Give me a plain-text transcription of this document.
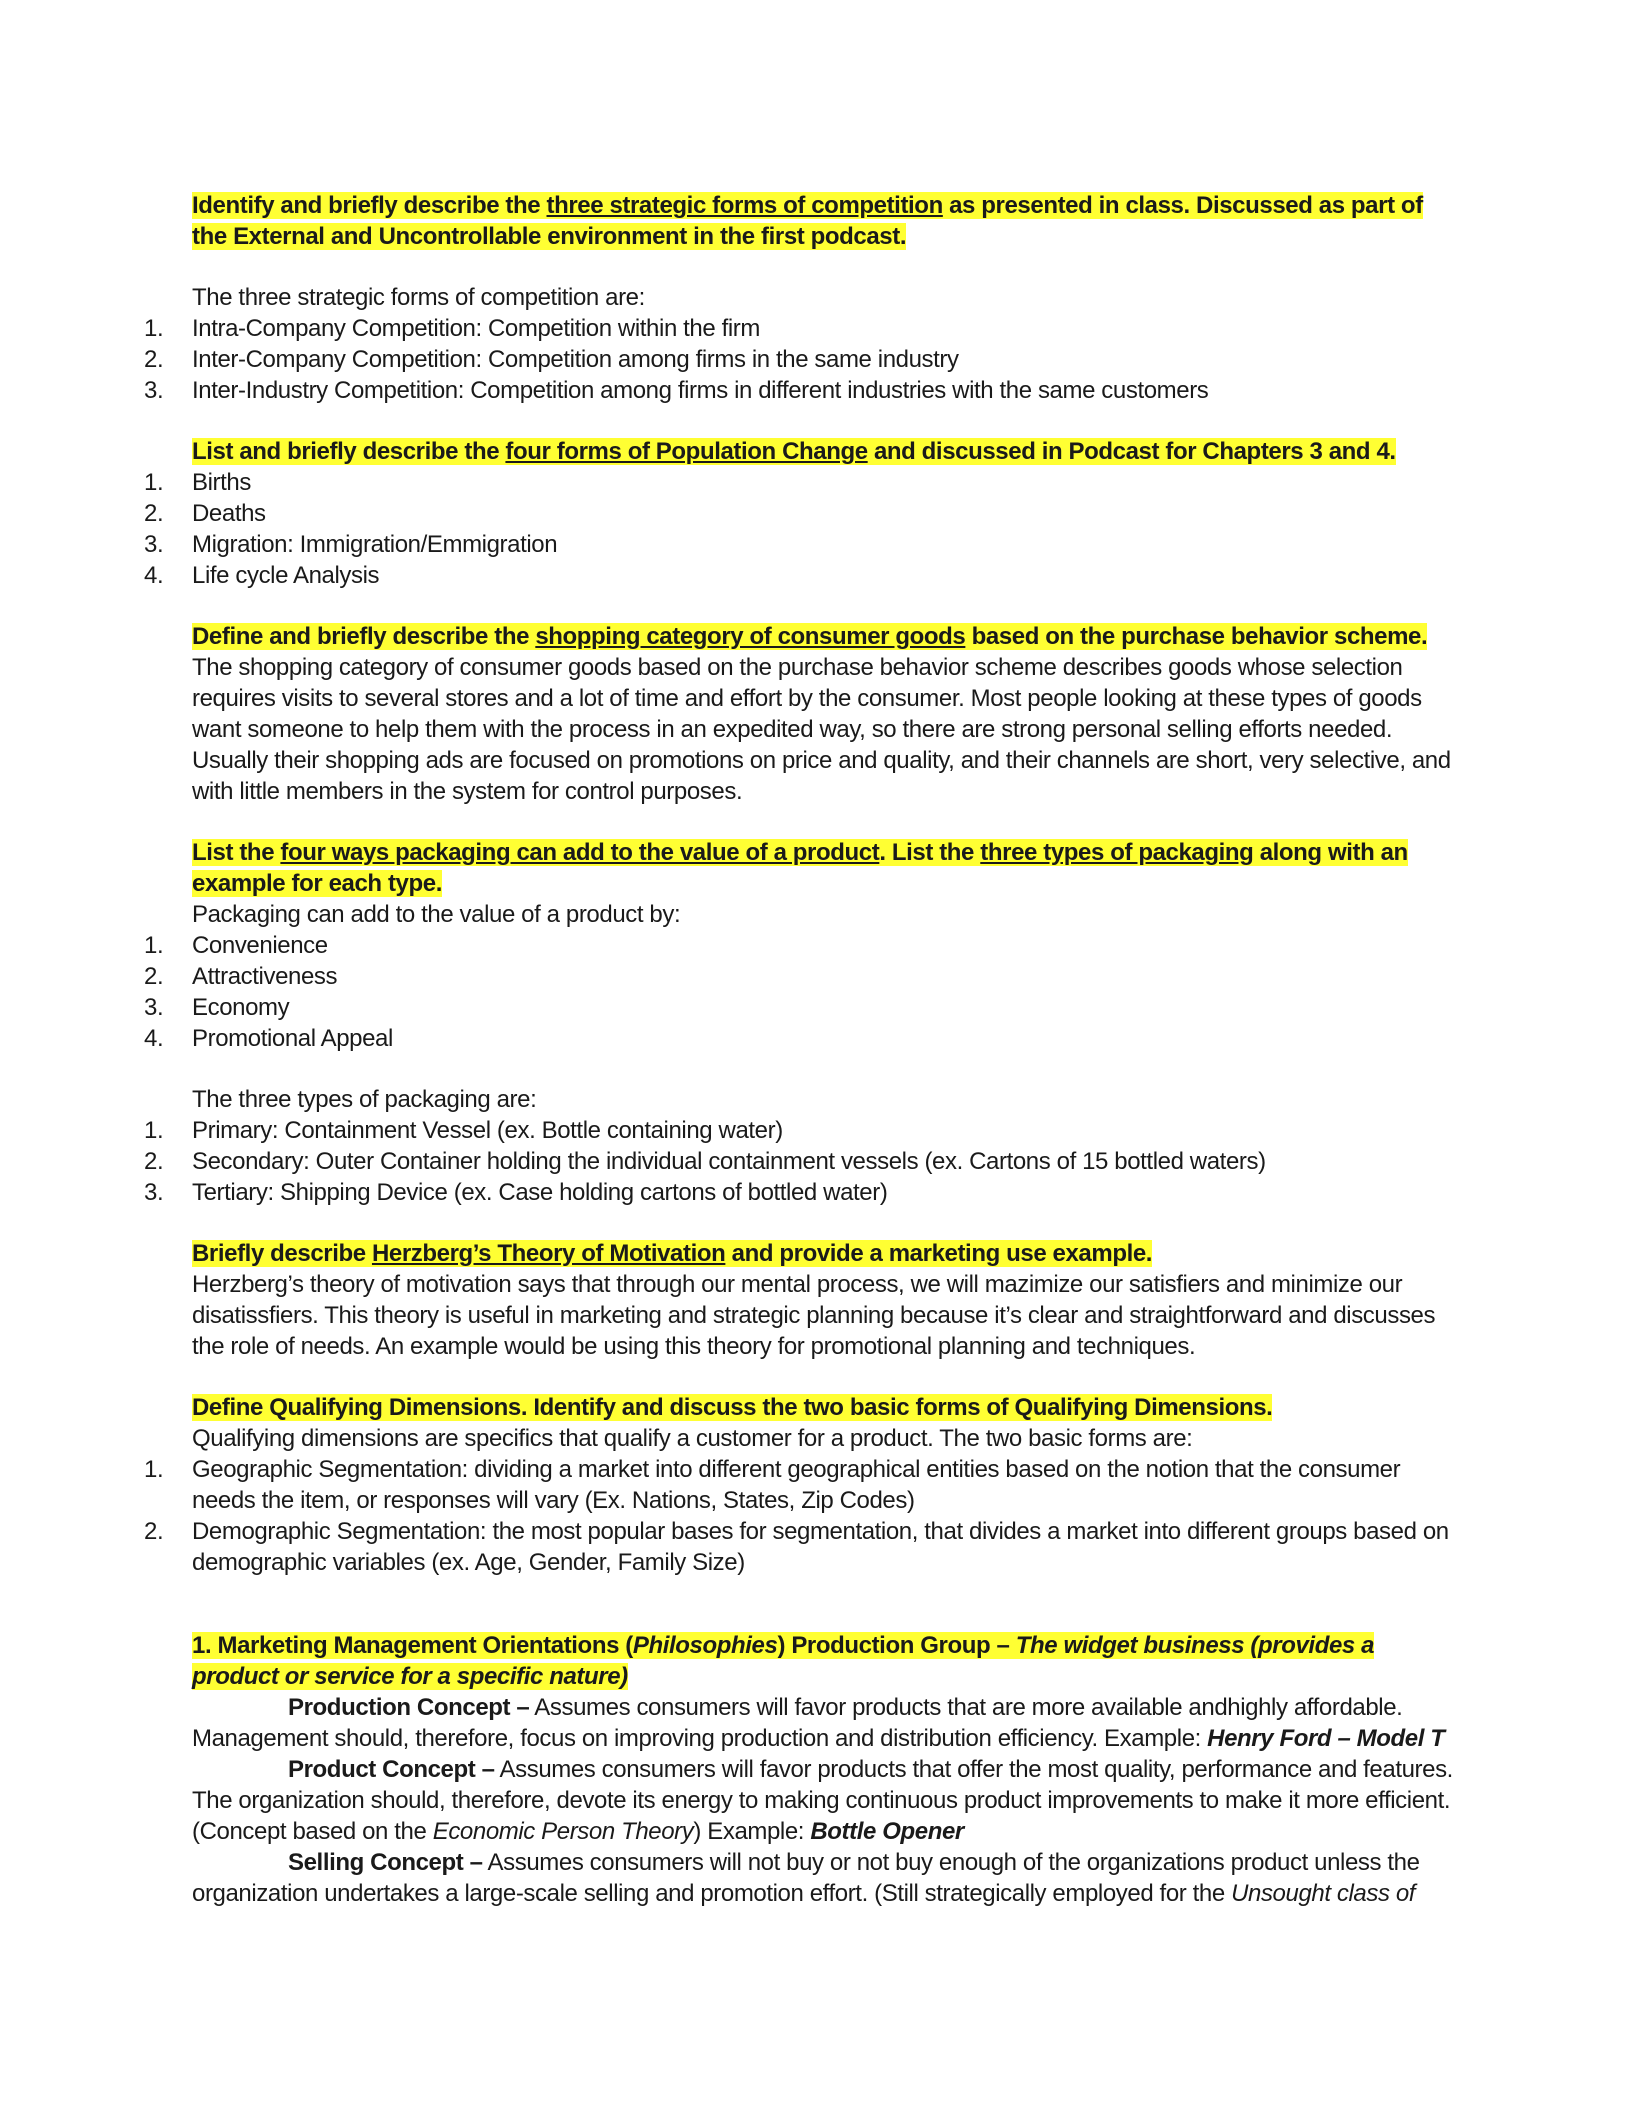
Identify and briefly describe the three strategic forms of competition as presented in class. Discussed as part of the External and Uncontrollable environment in the first podcast.

The three strategic forms of competition are:

1.	Intra-Company Competition: Competition within the firm
2.	Inter-Company Competition: Competition among firms in the same industry
3.	Inter-Industry Competition: Competition among firms in different industries with the same customers

List and briefly describe the four forms of Population Change and discussed in Podcast for Chapters 3 and 4.

1.	Births
2.	Deaths
3.	Migration: Immigration/Emmigration
4.	Life cycle Analysis

Define and briefly describe the shopping category of consumer goods based on the purchase behavior scheme.

The shopping category of consumer goods based on the purchase behavior scheme describes goods whose selection requires visits to several stores and a lot of time and effort by the consumer. Most people looking at these types of goods want someone to help them with the process in an expedited way, so there are strong personal selling efforts needed. Usually their shopping ads are focused on promotions on price and quality, and their channels are short, very selective, and with little members in the system for control purposes.

List the four ways packaging can add to the value of a product. List the three types of packaging along with an example for each type.

Packaging can add to the value of a product by:

1.	Convenience
2.	Attractiveness
3.	Economy
4.	Promotional Appeal

The three types of packaging are:

1.	Primary: Containment Vessel (ex. Bottle containing water)
2.	Secondary: Outer Container holding the individual containment vessels (ex. Cartons of 15 bottled waters)
3.	Tertiary: Shipping Device (ex. Case holding cartons of bottled water)

Briefly describe Herzberg’s Theory of Motivation and provide a marketing use example.

Herzberg’s theory of motivation says that through our mental process, we will mazimize our satisfiers and minimize our disatissfiers. This theory is useful in marketing and strategic planning because it’s clear and straightforward and discusses the role of needs. An example would be using this theory for promotional planning and techniques.

Define Qualifying Dimensions. Identify and discuss the two basic forms of Qualifying Dimensions.

Qualifying dimensions are specifics that qualify a customer for a product. The two basic forms are:

1.	Geographic Segmentation: dividing a market into different geographical entities based on the notion that the consumer needs the item, or responses will vary (Ex. Nations, States, Zip Codes)
2.	Demographic Segmentation: the most popular bases for segmentation, that divides a market into different groups based on demographic variables (ex. Age, Gender, Family Size)

1. Marketing Management Orientations (Philosophies) Production Group – The widget business (provides a product or service for a specific nature)

Production Concept – Assumes consumers will favor products that are more available andhighly affordable. Management should, therefore, focus on improving production and distribution efficiency. Example: Henry Ford – Model T

Product Concept – Assumes consumers will favor products that offer the most quality, performance and features. The organization should, therefore, devote its energy to making continuous product improvements to make it more efficient. (Concept based on the Economic Person Theory) Example: Bottle Opener

Selling Concept – Assumes consumers will not buy or not buy enough of the organizations product unless the organization undertakes a large-scale selling and promotion effort. (Still strategically employed for the Unsought class of
